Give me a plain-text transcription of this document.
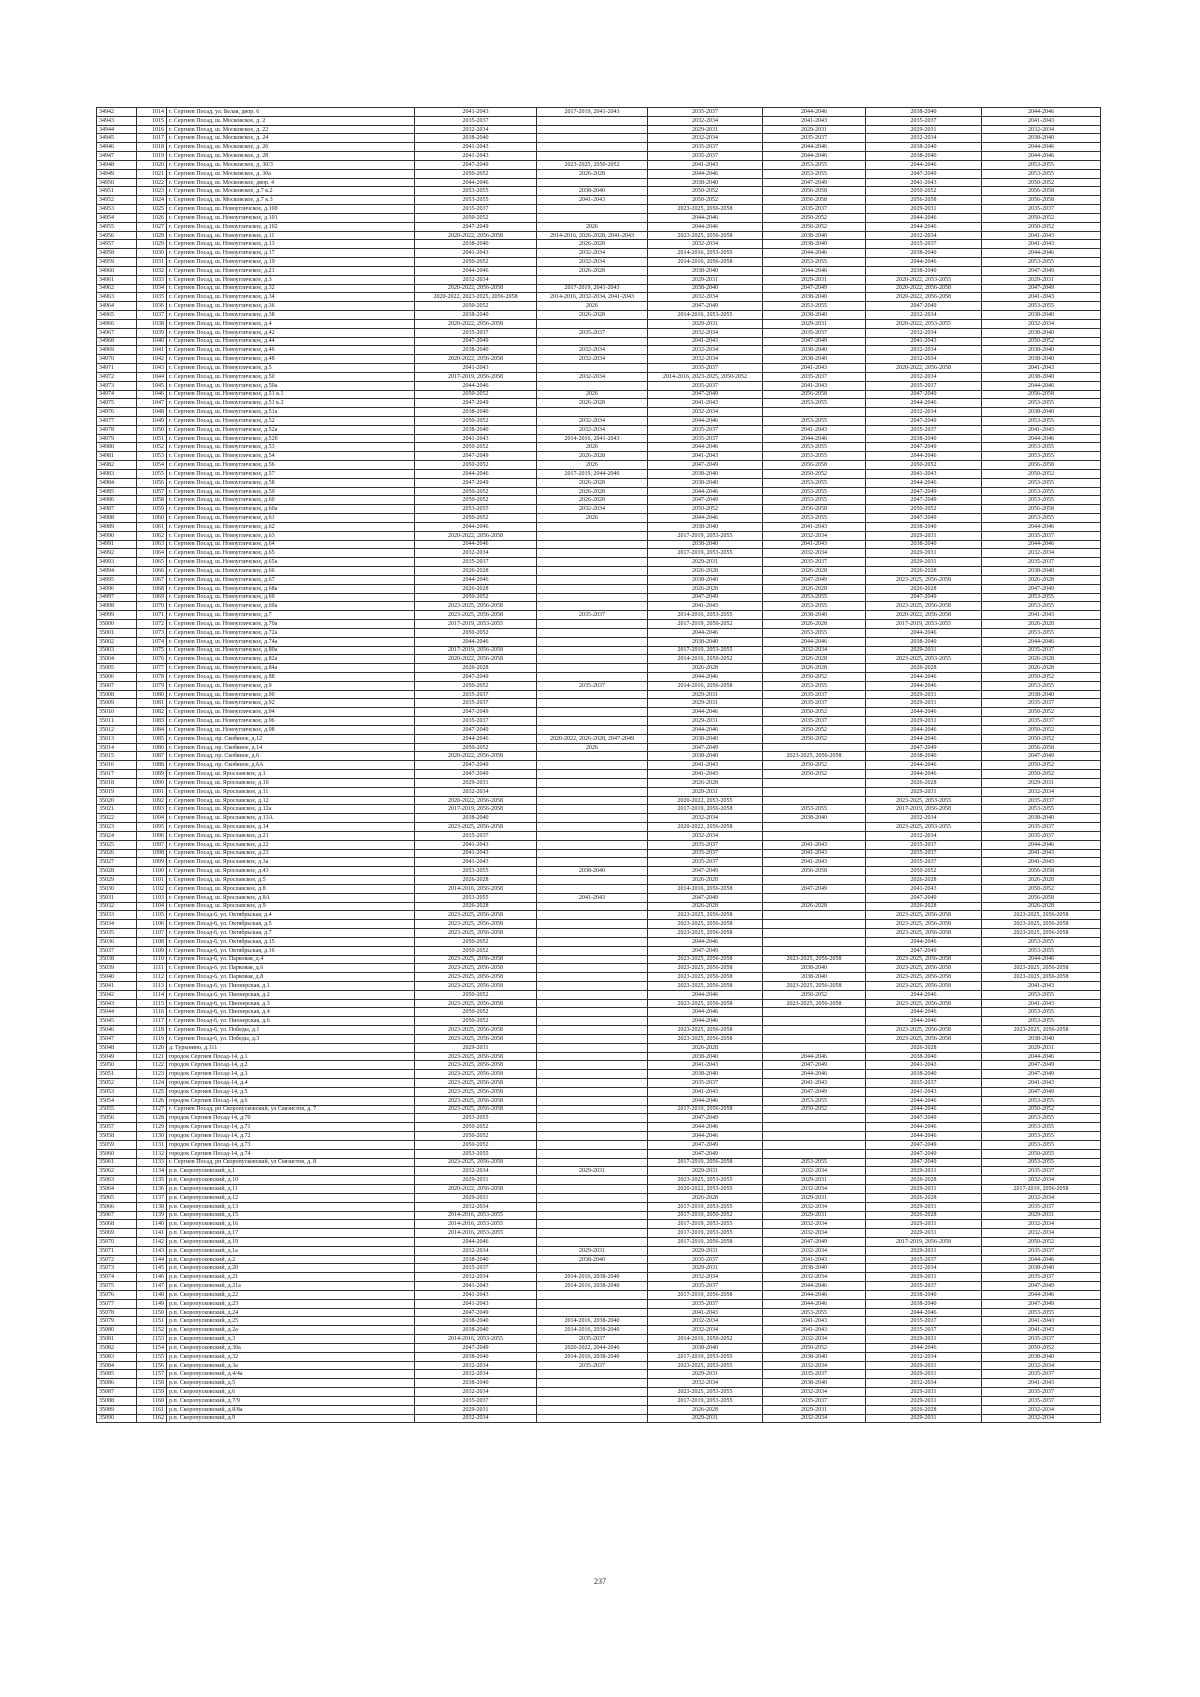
34942	1014	г. Сергиев Посад, ул. Белая, двор. 6	2041-2043	2017-2019, 2041-2043	2035-2037	2044-2046	2038-2040	2044-2046
34943	1015	г. Сергиев Посад, ш. Московское, д. 2	2035-2037		2032-2034	2041-2043	2035-2037	2041-2043
34944	1016	г. Сергиев Посад, ш. Московское, д. 22	2032-2034		2029-2031	2029-2031	2029-2031	2032-2034
34945	1017	г. Сергиев Посад, ш. Московское, д. 24	2038-2040		2032-2034	2035-2037	2032-2034	2038-2040
34946	1018	г. Сергиев Посад, ш. Московское, д. 26	2041-2043		2035-2037	2044-2046	2038-2040	2044-2046
34947	1019	г. Сергиев Посад, ш. Московское, д. 28	2041-2043		2035-2037	2044-2046	2038-2040	2044-2046
34948	1020	г. Сергиев Посад, ш. Московское, д. 30/3	2047-2049	2023-2025, 2050-2052	2041-2043	2053-2055	2044-2046	2053-2055
34949	1021	г. Сергиев Посад, ш. Московское, д. 30а	2050-2052	2026-2028	2044-2046	2053-2055	2047-2049	2053-2055
34950	1022	г. Сергиев Посад, ш. Московское, двор. 4	2044-2046		2038-2040	2047-2049	2041-2043	2050-2052
34951	1023	г. Сергиев Посад, ш. Московское, д.7 к.2	2053-2055	2038-2040	2050-2052	2056-2058	2050-2052	2056-2058
34952	1024	г. Сергиев Посад, ш. Московское, д.7 к.3	2053-2055	2041-2043	2050-2052	2056-2058	2056-2058	2056-2058
34953	1025	г. Сергиев Посад, ш. Новоугличское, д.100	2035-2037		2023-2025, 2056-2058	2035-2037	2029-2031	2035-2037
34954	1026	г. Сергиев Посад, ш. Новоугличское, д.101	2050-2052		2044-2046	2050-2052	2044-2046	2050-2052
34955	1027	г. Сергиев Посад, ш. Новоугличское, д.102	2047-2049	2026	2044-2046	2050-2052	2044-2046	2050-2052
34956	1028	г. Сергиев Посад, ш. Новоугличское, д.11	2020-2022, 2056-2058	2014-2016, 2026-2028, 2041-2043	2023-2025, 2056-2058	2038-2040	2032-2034	2041-2043
34957	1029	г. Сергиев Посад, ш. Новоугличское, д.13	2038-2040	2026-2028	2032-2034	2038-2040	2035-2037	2041-2043
34958	1030	г. Сергиев Посад, ш. Новоугличское, д.17	2041-2043	2032-2034	2014-2016, 2053-2055	2044-2046	2038-2040	2044-2046
34959	1031	г. Сергиев Посад, ш. Новоугличское, д.19	2050-2052	2032-2034	2014-2016, 2056-2058	2053-2055	2044-2046	2053-2055
34960	1032	г. Сергиев Посад, ш. Новоугличское, д.21	2044-2046	2026-2028	2038-2040	2044-2046	2038-2040	2047-2049
34961	1033	г. Сергиев Посад, ш. Новоугличское, д.3	2032-2034		2029-2031	2029-2031	2020-2022, 2053-2055	2029-2031
34962	1034	г. Сергиев Посад, ш. Новоугличское, д.32	2020-2022, 2056-2058	2017-2019, 2041-2043	2038-2040	2047-2049	2020-2022, 2056-2058	2047-2049
34963	1035	г. Сергиев Посад, ш. Новоугличское, д.34	2020-2022, 2023-2025, 2056-2058	2014-2016, 2032-2034, 2041-2043	2032-2034	2038-2040	2020-2022, 2056-2058	2041-2043
34964	1036	г. Сергиев Посад, ш. Новоугличское, д.36	2050-2052	2026	2047-2049	2053-2055	2047-2049	2053-2055
34965	1037	г. Сергиев Посад, ш. Новоугличское, д.38	2038-2040	2026-2028	2014-2016, 2053-2055	2038-2040	2032-2034	2038-2040
34966	1038	г. Сергиев Посад, ш. Новоугличское, д.4	2020-2022, 2056-2058		2029-2031	2029-2031	2020-2022, 2053-2055	2032-2034
34967	1039	г. Сергиев Посад, ш. Новоугличское, д.42	2035-2037	2035-2037	2032-2034	2035-2037	2032-2034	2038-2040
34968	1040	г. Сергиев Посад, ш. Новоугличское, д.44	2047-2049		2041-2043	2047-2049	2041-2043	2050-2052
34969	1041	г. Сергиев Посад, ш. Новоугличское, д.46	2038-2040	2032-2034	2032-2034	2038-2040	2032-2034	2038-2040
34970	1042	г. Сергиев Посад, ш. Новоугличское, д.48	2020-2022, 2056-2058	2032-2034	2032-2034	2038-2040	2032-2034	2038-2040
34971	1043	г. Сергиев Посад, ш. Новоугличское, д.5	2041-2043		2035-2037	2041-2043	2020-2022, 2056-2058	2041-2043
34972	1044	г. Сергиев Посад, ш. Новоугличское, д.50	2017-2019, 2056-2058	2032-2034	2014-2016, 2023-2025, 2050-2052	2035-2037	2032-2034	2038-2040
34973	1045	г. Сергиев Посад, ш. Новоугличское, д.50а	2044-2046		2035-2037	2041-2043	2035-2037	2044-2046
34974	1046	г. Сергиев Посад, ш. Новоугличское, д.51 к.1	2050-2052	2026	2047-2049	2056-2058	2047-2049	2056-2058
34975	1047	г. Сергиев Посад, ш. Новоугличское, д.51 к.2	2047-2049	2026-2028	2041-2043	2053-2055	2044-2046	2053-2055
34976	1048	г. Сергиев Посад, ш. Новоугличское, д.51а	2038-2040		2032-2034		2032-2034	2038-2040
34977	1049	г. Сергиев Посад, ш. Новоугличское, д.52	2050-2052	2032-2034	2044-2046	2053-2055	2047-2049	2053-2055
34978	1050	г. Сергиев Посад, ш. Новоугличское, д.52а	2038-2040	2032-2034	2035-2037	2041-2043	2035-2037	2041-2043
34979	1051	г. Сергиев Посад, ш. Новоугличское, д.52б	2041-2043	2014-2016, 2041-2043	2035-2037	2044-2046	2038-2040	2044-2046
34980	1052	г. Сергиев Посад, ш. Новоугличское, д.53	2050-2052	2026	2044-2046	2053-2055	2047-2049	2053-2055
34981	1053	г. Сергиев Посад, ш. Новоугличское, д.54	2047-2049	2026-2028	2041-2043	2053-2055	2044-2046	2053-2055
34982	1054	г. Сергиев Посад, ш. Новоугличское, д.56	2050-2052	2026	2047-2049	2056-2058	2050-2052	2056-2058
34983	1055	г. Сергиев Посад, ш. Новоугличское, д.57	2044-2046	2017-2019, 2044-2046	2038-2040	2050-2052	2041-2043	2050-2052
34984	1056	г. Сергиев Посад, ш. Новоугличское, д.58	2047-2049	2026-2028	2038-2040	2053-2055	2044-2046	2053-2055
34985	1057	г. Сергиев Посад, ш. Новоугличское, д.59	2050-2052	2026-2028	2044-2046	2053-2055	2047-2049	2053-2055
34986	1058	г. Сергиев Посад, ш. Новоугличское, д.60	2050-2052	2026-2028	2047-2049	2053-2055	2047-2049	2053-2055
34987	1059	г. Сергиев Посад, ш. Новоугличское, д.60а	2053-2055	2032-2034	2050-2052	2056-2058	2050-2052	2056-2058
34988	1060	г. Сергиев Посад, ш. Новоугличское, д.61	2050-2052	2026	2044-2046	2053-2055	2047-2049	2053-2055
34989	1061	г. Сергиев Посад, ш. Новоугличское, д.62	2044-2046		2038-2040	2041-2043	2038-2040	2044-2046
34990	1062	г. Сергиев Посад, ш. Новоугличское, д.63	2020-2022, 2056-2058		2017-2019, 2053-2055	2032-2034	2029-2031	2035-2037
34991	1063	г. Сергиев Посад, ш. Новоугличское, д.64	2044-2046		2038-2040	2041-2043	2038-2040	2044-2046
34992	1064	г. Сергиев Посад, ш. Новоугличское, д.65	2032-2034		2017-2019, 2053-2055	2032-2034	2029-2031	2032-2034
34993	1065	г. Сергиев Посад, ш. Новоугличское, д.65а	2035-2037		2029-2031	2035-2037	2029-2031	2035-2037
34994	1066	г. Сергиев Посад, ш. Новоугличское, д.66	2026-2028		2026-2028	2026-2028	2026-2028	2038-2040
34995	1067	г. Сергиев Посад, ш. Новоугличское, д.67	2044-2046		2038-2040	2047-2049	2023-2025, 2056-2058	2026-2028
34996	1068	г. Сергиев Посад, ш. Новоугличское, д.68а	2026-2028		2026-2028	2026-2028	2026-2028	2047-2049
34997	1069	г. Сергиев Посад, ш. Новоугличское, д.69	2050-2052		2047-2049	2053-2055	2047-2049	2053-2055
34998	1070	г. Сергиев Посад, ш. Новоугличское, д.69а	2023-2025, 2056-2058		2041-2043	2053-2055	2023-2025, 2056-2058	2053-2055
34999	1071	г. Сергиев Посад, ш. Новоугличское, д.7	2023-2025, 2056-2058	2035-2037	2014-2016, 2053-2055	2038-2040	2020-2022, 2056-2058	2041-2043
35000	1072	г. Сергиев Посад, ш. Новоугличское, д.70а	2017-2019, 2053-2055		2017-2019, 2050-2052	2026-2028	2017-2019, 2053-2055	2026-2028
35001	1073	г. Сергиев Посад, ш. Новоугличское, д.72а	2050-2052		2044-2046	2053-2055	2044-2046	2053-2055
35002	1074	г. Сергиев Посад, ш. Новоугличское, д.74а	2044-2046		2038-2040	2044-2046	2038-2040	2044-2046
35003	1075	г. Сергиев Посад, ш. Новоугличское, д.80а	2017-2019, 2056-2058		2017-2019, 2053-2055	2032-2034	2029-2031	2035-2037
35004	1076	г. Сергиев Посад, ш. Новоугличское, д.82а	2020-2022, 2056-2058		2014-2016, 2050-2052	2026-2028	2023-2025, 2053-2055	2026-2028
35005	1077	г. Сергиев Посад, ш. Новоугличское, д.84а	2026-2028		2026-2028	2026-2028	2026-2028	2026-2028
35006	1078	г. Сергиев Посад, ш. Новоугличское, д.88	2047-2049		2044-2046	2050-2052	2044-2046	2050-2052
35007	1079	г. Сергиев Посад, ш. Новоугличское, д.9	2050-2052	2035-2037	2014-2016, 2056-2058	2053-2055	2044-2046	2053-2055
35008	1080	г. Сергиев Посад, ш. Новоугличское, д.90	2035-2037		2029-2031	2035-2037	2029-2031	2038-2040
35009	1081	г. Сергиев Посад, ш. Новоугличское, д.92	2035-2037		2029-2031	2035-2037	2029-2031	2035-2037
35010	1082	г. Сергиев Посад, ш. Новоугличское, д.94	2047-2049		2044-2046	2050-2052	2044-2046	2050-2052
35011	1083	г. Сергиев Посад, ш. Новоугличское, д.96	2035-2037		2029-2031	2035-2037	2029-2031	2035-2037
35012	1084	г. Сергиев Посад, ш. Новоугличское, д.98	2047-2049		2044-2046	2050-2052	2044-2046	2050-2052
35013	1085	г. Сергиев Посад, пр. Скобяное, д.12	2044-2046	2020-2022, 2026-2028, 2047-2049	2038-2040	2050-2052	2044-2046	2050-2052
35014	1086	г. Сергиев Посад, пр. Скобяное, д.14	2050-2052	2026	2047-2049		2047-2049	2056-2058
35015	1087	г. Сергиев Посад, пр. Скобяное, д.6	2020-2022, 2056-2058		2038-2040	2023-2025, 2056-2058	2038-2040	2047-2049
35016	1088	г. Сергиев Посад, пр. Скобяное, д.6А	2047-2049		2041-2043	2050-2052	2044-2046	2050-2052
35017	1089	г. Сергиев Посад, ш. Ярославское, д.1	2047-2049		2041-2043	2050-2052	2044-2046	2050-2052
35018	1090	г. Сергиев Посад, ш. Ярославское, д.10	2029-2031		2026-2028		2026-2028	2029-2031
35019	1091	г. Сергиев Посад, ш. Ярославское, д.11	2032-2034		2029-2031		2029-2031	2032-2034
35020	1092	г. Сергиев Посад, ш. Ярославское, д.12	2020-2022, 2056-2058		2020-2022, 2053-2055		2023-2025, 2053-2055	2035-2037
35021	1093	г. Сергиев Посад, ш. Ярославское, д.12а	2017-2019, 2056-2058		2017-2019, 2056-2058	2053-2055	2017-2019, 2056-2058	2053-2055
35022	1094	г. Сергиев Посад, ш. Ярославское, д.13А	2038-2040		2032-2034	2038-2040	2032-2034	2038-2040
35023	1095	г. Сергиев Посад, ш. Ярославское, д.14	2023-2025, 2056-2058		2020-2022, 2056-2058		2023-2025, 2053-2055	2035-2037
35024	1096	г. Сергиев Посад, ш. Ярославское, д.21	2035-2037		2032-2034		2032-2034	2035-2037
35025	1097	г. Сергиев Посад, ш. Ярославское, д.22	2041-2043		2035-2037	2041-2043	2035-2037	2044-2046
35026	1098	г. Сергиев Посад, ш. Ярославское, д.23	2041-2043		2035-2037	2041-2043	2035-2037	2041-2043
35027	1099	г. Сергиев Посад, ш. Ярославское, д.3а	2041-2043		2035-2037	2041-2043	2035-2037	2041-2043
35028	1100	г. Сергиев Посад, ш. Ярославское, д.43	2053-2055	2038-2040	2047-2049	2056-2058	2050-2052	2056-2058
35029	1101	г. Сергиев Посад, ш. Ярославское, д.5	2026-2028		2026-2028		2026-2028	2026-2028
35030	1102	г. Сергиев Посад, ш. Ярославское, д.8	2014-2016, 2056-2058		2014-2016, 2056-2058	2047-2049	2041-2043	2050-2052
35031	1103	г. Сергиев Посад, ш. Ярославское, д.8А	2053-2055	2041-2043	2047-2049		2047-2049	2056-2058
35032	1104	г. Сергиев Посад, ш. Ярославское, д.9	2026-2028		2026-2028	2026-2028	2026-2028	2026-2028
35033	1105	г. Сергиев Посад-6, ул. Октябрьская, д.4	2023-2025, 2056-2058		2023-2025, 2056-2058		2023-2025, 2056-2058	2023-2025, 2056-2058
35034	1106	г. Сергиев Посад-6, ул. Октябрьская, д.5	2023-2025, 2056-2058		2023-2025, 2056-2058		2023-2025, 2056-2058	2023-2025, 2056-2058
35035	1107	г. Сергиев Посад-6, ул. Октябрьская, д.7	2023-2025, 2056-2058		2023-2025, 2056-2058		2023-2025, 2056-2058	2023-2025, 2056-2058
35036	1108	г. Сергиев Посад-6, ул. Октябрьская, д.15	2050-2052		2044-2046		2044-2046	2053-2055
35037	1109	г. Сергиев Посад-6, ул. Октябрьская, д.16	2050-2052		2047-2049		2047-2049	2053-2055
35038	1110	г. Сергиев Посад-6, ул. Парковая, д.4	2023-2025, 2056-2058		2023-2025, 2056-2058	2023-2025, 2056-2058	2023-2025, 2056-2058	2044-2046
35039	1111	г. Сергиев Посад-6, ул. Парковая, д.6	2023-2025, 2056-2058		2023-2025, 2056-2058	2038-2040	2023-2025, 2056-2058	2023-2025, 2056-2058
35040	1112	г. Сергиев Посад-6, ул. Парковая, д.8	2023-2025, 2056-2058		2023-2025, 2056-2058	2038-2040	2023-2025, 2056-2058	2023-2025, 2056-2058
35041	1113	г. Сергиев Посад-6, ул. Пионерская, д.1	2023-2025, 2056-2058		2023-2025, 2056-2058	2023-2025, 2056-2058	2023-2025, 2056-2058	2041-2043
35042	1114	г. Сергиев Посад-6, ул. Пионерская, д.2	2050-2052		2044-2046	2050-2052	2044-2046	2053-2055
35043	1115	г. Сергиев Посад-6, ул. Пионерская, д.3	2023-2025, 2056-2058		2023-2025, 2056-2058	2023-2025, 2056-2058	2023-2025, 2056-2058	2041-2043
35044	1116	г. Сергиев Посад-6, ул. Пионерская, д.4	2050-2052		2044-2046		2044-2046	2053-2055
35045	1117	г. Сергиев Посад-6, ул. Пионерская, д.6	2050-2052		2044-2046		2044-2046	2053-2055
35046	1118	г. Сергиев Посад-6, ул. Победы, д.1	2023-2025, 2056-2058		2023-2025, 2056-2058		2023-2025, 2056-2058	2023-2025, 2056-2058
35047	1119	г. Сергиев Посад-6, ул. Победы, д.3	2023-2025, 2056-2058		2023-2025, 2056-2058		2023-2025, 2056-2058	2038-2040
35048	1120	д. Турынино, д.111	2029-2031		2026-2028		2026-2028	2029-2031
35049	1121	городок Сергиев Посад-14, д.1	2023-2025, 2056-2058		2038-2040	2044-2046	2038-2040	2044-2046
35050	1122	городок Сергиев Посад-14, д.2	2023-2025, 2056-2058		2041-2043	2047-2049	2041-2043	2047-2049
35051	1123	городок Сергиев Посад-14, д.3	2023-2025, 2056-2058		2038-2040	2044-2046	2038-2040	2047-2049
35052	1124	городок Сергиев Посад-14, д.4	2023-2025, 2056-2058		2035-2037	2041-2043	2035-2037	2041-2043
35053	1125	городок Сергиев Посад-14, д.5	2023-2025, 2056-2058		2041-2043	2047-2049	2041-2043	2047-2049
35054	1126	городок Сергиев Посад-14, д.6	2023-2025, 2056-2058		2044-2046	2053-2055	2044-2046	2053-2055
35055	1127	г. Сергиев Посад, рп Скоропусковский, ул Связистов, д. 7	2023-2025, 2056-2058		2017-2019, 2056-2058	2050-2052	2044-2046	2050-2052
35056	1128	городок Сергиев Посад-14, д.70	2053-2055		2047-2049		2047-2049	2053-2055
35057	1129	городок Сергиев Посад-14, д.71	2050-2052		2044-2046		2044-2046	2053-2055
35058	1130	городок Сергиев Посад-14, д.72	2050-2052		2044-2046		2044-2046	2053-2055
35059	1131	городок Сергиев Посад-14, д.73	2050-2052		2047-2049		2047-2049	2053-2055
35060	1132	городок Сергиев Посад-14, д.74	2053-2055		2047-2049		2047-2049	2050-2055
35061	1133	г. Сергиев Посад, рп Скоропусковский, ул Связистов, д. 8	2023-2025, 2056-2058		2017-2019, 2056-2058	2053-2055	2047-2049	2053-2055
35062	1134	р.п. Скоропусковский, д.1	2032-2034	2029-2031	2029-2031	2032-2034	2029-2031	2035-2037
35063	1135	р.п. Скоропусковский, д.10	2029-2031		2023-2025, 2053-2055	2029-2031	2026-2028	2032-2034
35064	1136	р.п. Скоропусковский, д.11	2020-2022, 2056-2058		2020-2022, 2053-2055	2032-2034	2029-2031	2017-2019, 2056-2058
35065	1137	р.п. Скоропусковский, д.12	2029-2031		2026-2028	2029-2031	2026-2028	2032-2034
35066	1138	р.п. Скоропусковский, д.13	2032-2034		2017-2019, 2053-2055	2032-2034	2029-2031	2035-2037
35067	1139	р.п. Скоропусковский, д.15	2014-2016, 2053-2055		2017-2019, 2050-2052	2029-2031	2026-2028	2029-2031
35068	1140	р.п. Скоропусковский, д.16	2014-2016, 2053-2055		2017-2019, 2053-2055	2032-2034	2029-2031	2032-2034
35069	1141	р.п. Скоропусковский, д.17	2014-2016, 2053-2055		2017-2019, 2053-2055	2032-2034	2029-2031	2032-2034
35070	1142	р.п. Скоропусковский, д.19	2044-2046		2017-2019, 2056-2058	2047-2049	2017-2019, 2056-2058	2050-2052
35071	1143	р.п. Скоропусковский, д.1а	2032-2034	2029-2031	2029-2031	2032-2034	2029-2031	2035-2037
35072	1144	р.п. Скоропусковский, д.2	2038-2040	2038-2040	2035-2037	2041-2043	2035-2037	2044-2046
35073	1145	р.п. Скоропусковский, д.20	2035-2037		2029-2031	2038-2040	2032-2034	2038-2040
35074	1146	р.п. Скоропусковский, д.21	2032-2034	2014-2016, 2038-2040	2032-2034	2032-2034	2029-2031	2035-2037
35075	1147	р.п. Скоропусковский, д.21а	2041-2043	2014-2016, 2038-2040	2035-2037	2044-2046	2035-2037	2047-2049
35076	1148	р.п. Скоропусковский, д.22	2041-2043		2017-2019, 2056-2058	2044-2046	2038-2040	2044-2046
35077	1149	р.п. Скоропусковский, д.23	2041-2043		2035-2037	2044-2046	2038-2040	2047-2049
35078	1150	р.п. Скоропусковский, д.24	2047-2049		2041-2043	2053-2055	2044-2046	2053-2055
35079	1151	р.п. Скоропусковский, д.25	2038-2040	2014-2016, 2038-2040	2032-2034	2041-2043	2035-2037	2041-2043
35080	1152	р.п. Скоропусковский, д.2а	2038-2040	2014-2016, 2038-2040	2032-2034	2041-2043	2035-2037	2041-2043
35081	1153	р.п. Скоропусковский, д.3	2014-2016, 2053-2055	2035-2037	2014-2016, 2050-2052	2032-2034	2029-2031	2035-2037
35082	1154	р.п. Скоропусковский, д.30а	2047-2049	2020-2022, 2044-2046	2038-2040	2050-2052	2044-2046	2050-2052
35083	1155	р.п. Скоропусковский, д.32	2038-2040	2014-2016, 2038-2040	2017-2019, 2053-2055	2038-2040	2032-2034	2038-2040
35084	1156	р.п. Скоропусковский, д.3а	2032-2034	2035-2037	2023-2025, 2053-2055	2032-2034	2029-2031	2032-2034
35085	1157	р.п. Скоропусковский, д.4/4а	2032-2034		2029-2031	2035-2037	2029-2031	2035-2037
35086	1158	р.п. Скоропусковский, д.5	2038-2040		2032-2034	2038-2040	2032-2034	2041-2043
35087	1159	р.п. Скоропусковский, д.6	2032-2034		2023-2025, 2053-2055	2032-2034	2029-2031	2035-2037
35088	1160	р.п. Скоропусковский, д.7/9	2035-2037		2017-2019, 2053-2055	2035-2037	2029-2031	2035-2037
35089	1161	р.п. Скоропусковский, д.8/8а	2029-2031		2026-2028	2029-2031	2026-2028	2032-2034
35090	1162	р.п. Скоропусковский, д.9	2032-2034		2029-2031	2032-2034	2029-2031	2032-2034
237
